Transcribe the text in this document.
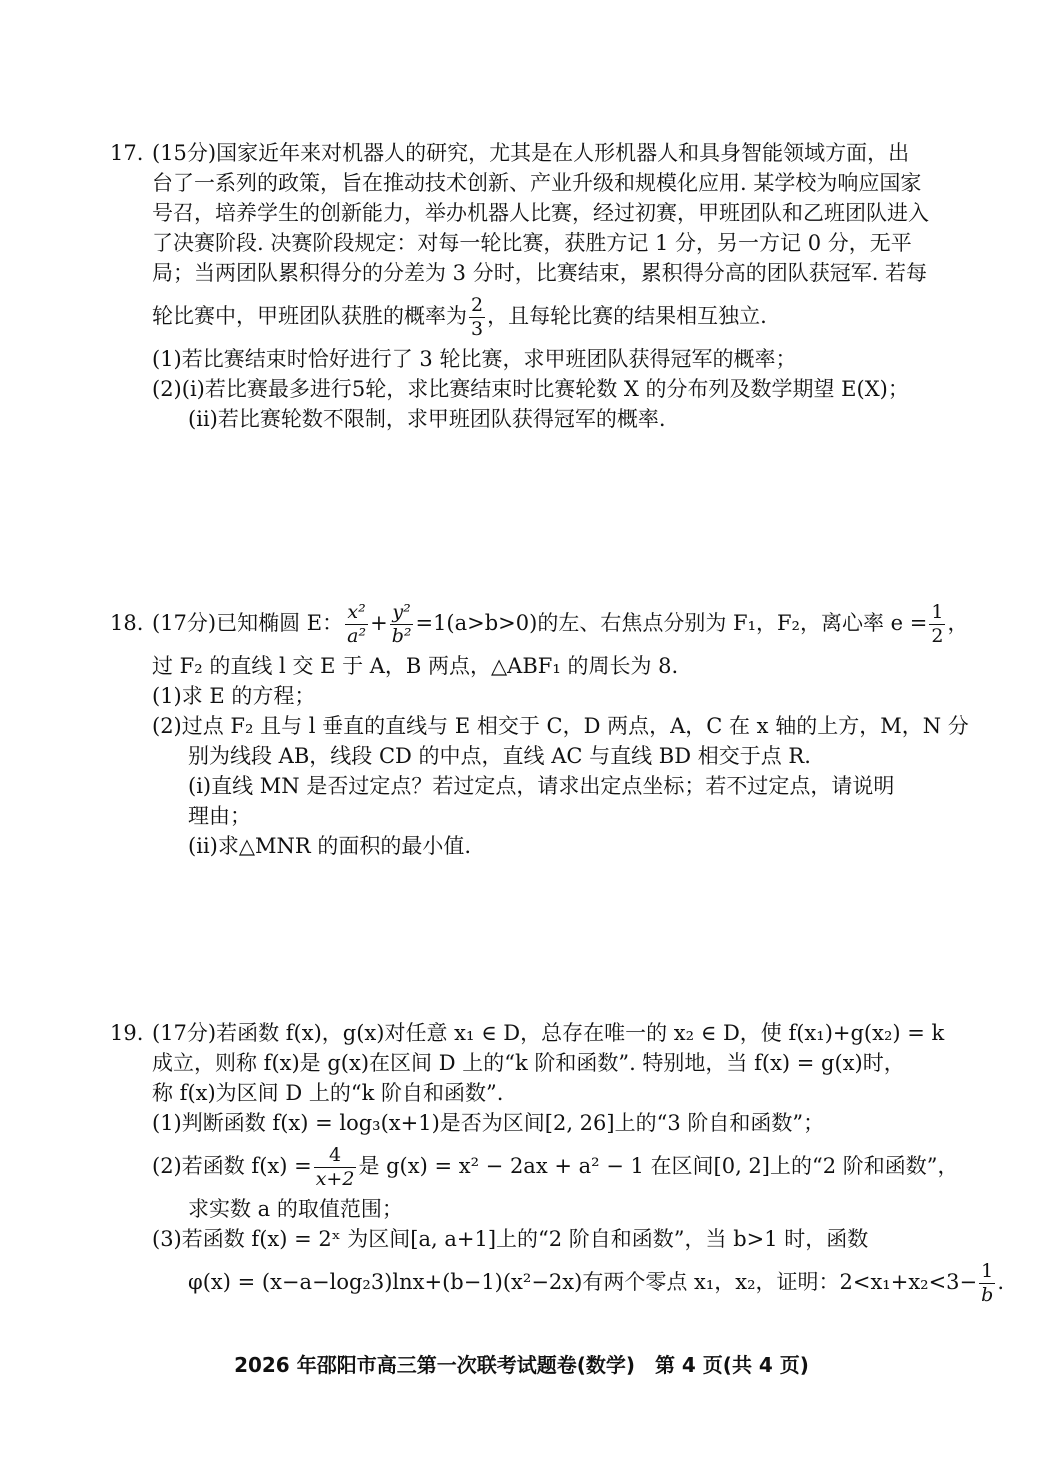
17. (15分)国家近年来对机器人的研究，尤其是在人形机器人和具身智能领域方面，出
台了一系列的政策，旨在推动技术创新、产业升级和规模化应用. 某学校为响应国家
号召，培养学生的创新能力，举办机器人比赛，经过初赛，甲班团队和乙班团队进入
了决赛阶段. 决赛阶段规定：对每一轮比赛，获胜方记 1 分，另一方记 0 分，无平
局；当两团队累积得分的分差为 3 分时，比赛结束，累积得分高的团队获冠军. 若每
轮比赛中，甲班团队获胜的概率为 $\frac{2}{3}$ ，且每轮比赛的结果相互独立.
(1)若比赛结束时恰好进行了 3 轮比赛，求甲班团队获得冠军的概率；
(2)(ⅰ)若比赛最多进行5轮，求比赛结束时比赛轮数 X 的分布列及数学期望 E(X)；
(ⅱ)若比赛轮数不限制，求甲班团队获得冠军的概率.
18. (17分)已知椭圆 E： $\frac{\text{x²}}{\text{a²}} + \frac{\text{y²}}{\text{b²}} =1(a>b>0)$的左、右焦点分别为 F₁，F₂，离心率 $e = \frac{1}{2}$ ，
过 F₂ 的直线 l 交 E 于 A，B 两点，△ABF₁ 的周长为 8.
(1)求 E 的方程；
(2)过点 F₂ 且与 l 垂直的直线与 E 相交于 C，D 两点，A，C 在 x 轴的上方，M，N 分
别为线段 AB，线段 CD 的中点，直线 AC 与直线 BD 相交于点 R.
(ⅰ)直线 MN 是否过定点？若过定点，请求出定点坐标；若不过定点，请说明
理由；
(ⅱ)求△MNR 的面积的最小值.
19. (17分)若函数 f(x)，g(x)对任意 x₁ ∈ D，总存在唯一的 x₂ ∈ D，使 f(x₁)+g(x₂) = k
成立，则称 f(x)是 g(x)在区间 D 上的“k 阶和函数”. 特别地，当 f(x) = g(x)时，
称 f(x)为区间 D 上的“k 阶自和函数”.
(1)判断函数 f(x) = log₃(x+1)是否为区间[2, 26]上的“3 阶自和函数”；
(2)若函数 $f(x) = \frac{4}{x+2}$ 是 g(x) = x² − 2ax + a² − 1 在区间[0, 2]上的“2 阶和函数”，
求实数 a 的取值范围；
(3)若函数 f(x) = 2ˣ 为区间[a, a+1]上的“2 阶自和函数”，当 b>1 时，函数
φ(x) = (x−a−log₂3)lnx+(b−1)(x²−2x)有两个零点 x₁，x₂，证明：$2<x_1+x_2<3- \frac{1}{b}$ .
2026 年邵阳市高三第一次联考试题卷(数学)　第 4 页(共 4 页)
